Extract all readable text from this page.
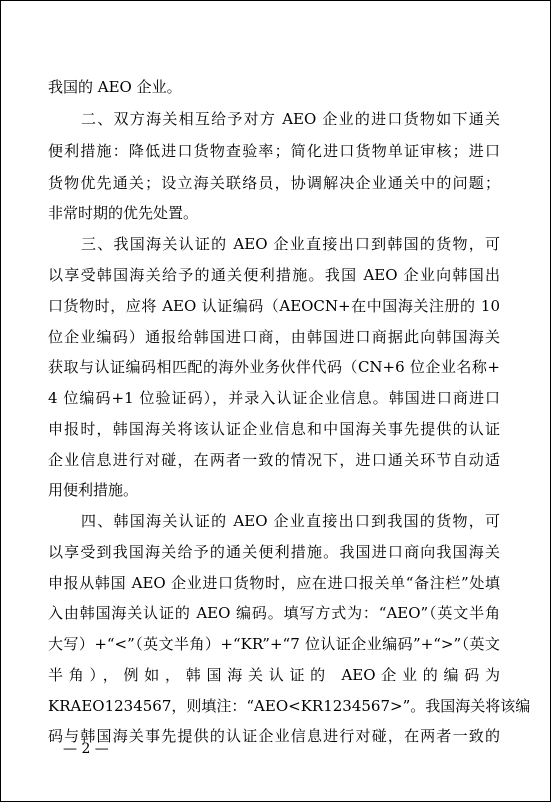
我国的 AEO 企业。
二、双方海关相互给予对方 AEO 企业的进口货物如下通关
便利措施：降低进口货物查验率；简化进口货物单证审核；进口
货物优先通关；设立海关联络员，协调解决企业通关中的问题；
非常时期的优先处置。
三、我国海关认证的 AEO 企业直接出口到韩国的货物，可
以享受韩国海关给予的通关便利措施。我国 AEO 企业向韩国出
口货物时，应将 AEO 认证编码（AEOCN+在中国海关注册的 10
位企业编码）通报给韩国进口商，由韩国进口商据此向韩国海关
获取与认证编码相匹配的海外业务伙伴代码（CN+6 位企业名称+
4 位编码+1 位验证码），并录入认证企业信息。韩国进口商进口
申报时，韩国海关将该认证企业信息和中国海关事先提供的认证
企业信息进行对碰，在两者一致的情况下，进口通关环节自动适
用便利措施。
四、韩国海关认证的 AEO 企业直接出口到我国的货物，可
以享受到我国海关给予的通关便利措施。我国进口商向我国海关
申报从韩国 AEO 企业进口货物时，应在进口报关单“备注栏”处填
入由韩国海关认证的 AEO 编码。填写方式为：“AEO”（英文半角
大写）+“<”（英文半角）+“KR”+“7 位认证企业编码”+“>”（英文
半角），例如，韩国海关认证的 AEO企业的编码为
KRAEO1234567，则填注：“AEO<KR1234567>”。我国海关将该编
码与韩国海关事先提供的认证企业信息进行对碰，在两者一致的
— 2 —
